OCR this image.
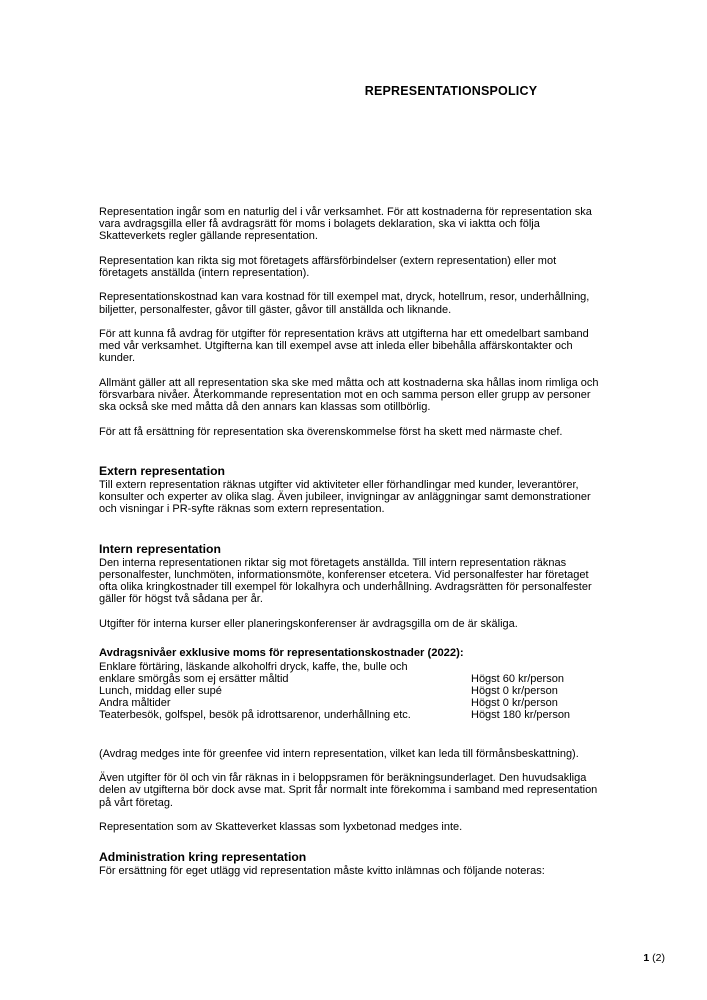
REPRESENTATIONSPOLICY

Representation ingår som en naturlig del i vår verksamhet. För att kostnaderna för representation ska vara avdragsgilla eller få avdragsrätt för moms i bolagets deklaration, ska vi iaktta och följa Skatteverkets regler gällande representation.

Representation kan rikta sig mot företagets affärsförbindelser (extern representation) eller mot företagets anställda (intern representation).

Representationskostnad kan vara kostnad för till exempel mat, dryck, hotellrum, resor, underhållning, biljetter, personalfester, gåvor till gäster, gåvor till anställda och liknande.

För att kunna få avdrag för utgifter för representation krävs att utgifterna har ett omedelbart samband med vår verksamhet. Utgifterna kan till exempel avse att inleda eller bibehålla affärskontakter och kunder.

Allmänt gäller att all representation ska ske med måtta och att kostnaderna ska hållas inom rimliga och försvarbara nivåer. Återkommande representation mot en och samma person eller grupp av personer ska också ske med måtta då den annars kan klassas som otillbörlig.

För att få ersättning för representation ska överenskommelse först ha skett med närmaste chef.

Extern representation

Till extern representation räknas utgifter vid aktiviteter eller förhandlingar med kunder, leverantörer, konsulter och experter av olika slag. Även jubileer, invigningar av anläggningar samt demonstrationer och visningar i PR-syfte räknas som extern representation.

Intern representation

Den interna representationen riktar sig mot företagets anställda. Till intern representation räknas personalfester, lunchmöten, informationsmöte, konferenser etcetera. Vid personalfester har företaget ofta olika kringkostnader till exempel för lokalhyra och underhållning. Avdragsrätten för personalfester gäller för högst två sådana per år.

Utgifter för interna kurser eller planeringskonferenser är avdragsgilla om de är skäliga.

Avdragsnivåer exklusive moms för representationskostnader (2022):

Enklare förtäring, läskande alkoholfri dryck, kaffe, the, bulle och

enklare smörgås som ej ersätter måltid	Högst 60 kr/person
Lunch, middag eller supé	Högst 0 kr/person
Andra måltider	Högst 0 kr/person
Teaterbesök, golfspel, besök på idrottsarenor, underhållning etc.	Högst 180 kr/person

(Avdrag medges inte för greenfee vid intern representation, vilket kan leda till förmånsbeskattning).

Även utgifter för öl och vin får räknas in i beloppsramen för beräkningsunderlaget. Den huvudsakliga delen av utgifterna bör dock avse mat. Sprit får normalt inte förekomma i samband med representation på vårt företag.

Representation som av Skatteverket klassas som lyxbetonad medges inte.

Administration kring representation

För ersättning för eget utlägg vid representation måste kvitto inlämnas och följande noteras:

1 (2)
